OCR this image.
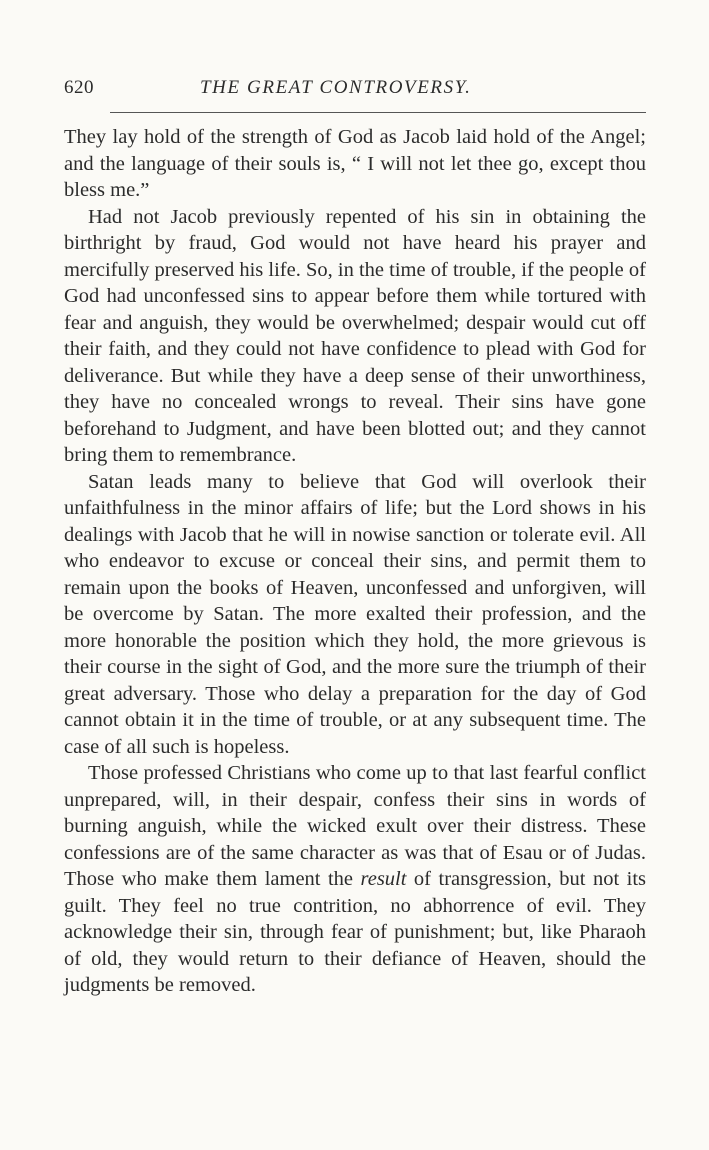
620	THE GREAT CONTROVERSY.

They lay hold of the strength of God as Jacob laid hold of the Angel; and the language of their souls is, “ I will not let thee go, except thou bless me.”

Had not Jacob previously repented of his sin in obtaining the birthright by fraud, God would not have heard his prayer and mercifully preserved his life. So, in the time of trouble, if the people of God had unconfessed sins to appear before them while tortured with fear and anguish, they would be overwhelmed; despair would cut off their faith, and they could not have confidence to plead with God for deliverance. But while they have a deep sense of their unworthiness, they have no concealed wrongs to reveal. Their sins have gone beforehand to Judgment, and have been blotted out; and they cannot bring them to remembrance.

Satan leads many to believe that God will overlook their unfaithfulness in the minor affairs of life; but the Lord shows in his dealings with Jacob that he will in nowise sanction or tolerate evil. All who endeavor to excuse or conceal their sins, and permit them to remain upon the books of Heaven, unconfessed and unforgiven, will be overcome by Satan. The more exalted their profession, and the more honorable the position which they hold, the more grievous is their course in the sight of God, and the more sure the triumph of their great adversary. Those who delay a preparation for the day of God cannot obtain it in the time of trouble, or at any subsequent time. The case of all such is hopeless.

Those professed Christians who come up to that last fearful conflict unprepared, will, in their despair, confess their sins in words of burning anguish, while the wicked exult over their distress. These confessions are of the same character as was that of Esau or of Judas. Those who make them lament the result of transgression, but not its guilt. They feel no true contrition, no abhorrence of evil. They acknowledge their sin, through fear of punishment; but, like Pharaoh of old, they would return to their defiance of Heaven, should the judgments be removed.
